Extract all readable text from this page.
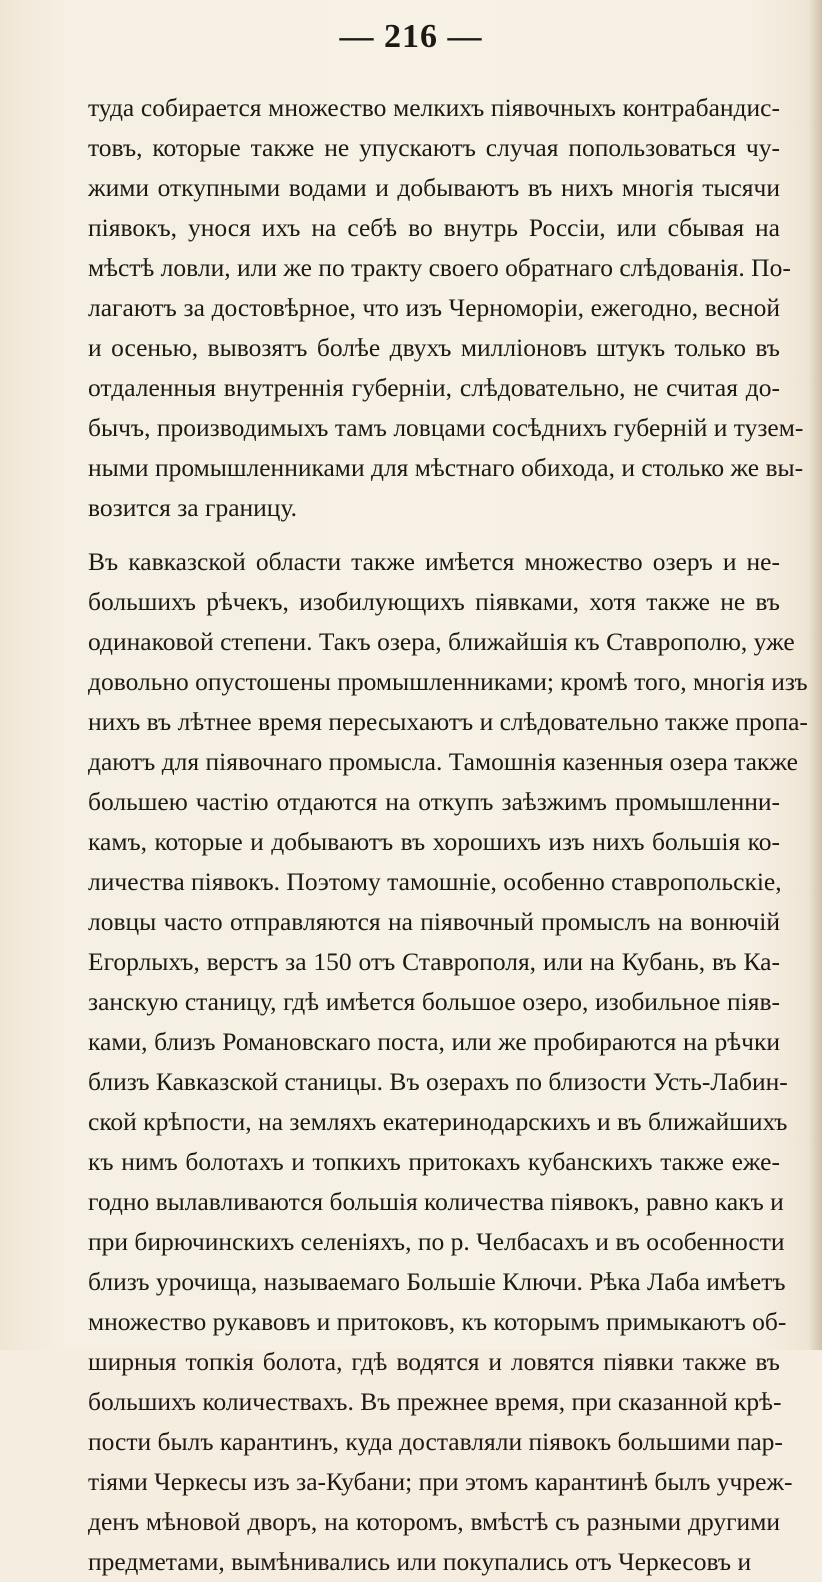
— 216 —
туда собирается множество мелкихъ піявочныхъ контрабандис-
товъ, которые также не упускаютъ случая попользоваться чу-
жими откупными водами и добываютъ въ нихъ многія тысячи
піявокъ, унося ихъ на себѣ во внутрь Россіи, или сбывая на
мѣстѣ ловли, или же по тракту своего обратнаго слѣдованія. По-
лагаютъ за достовѣрное, что изъ Черноморіи, ежегодно, весной
и осенью, вывозятъ болѣе двухъ милліоновъ штукъ только въ
отдаленныя внутреннія губерніи, слѣдовательно, не считая до-
бычъ, производимыхъ тамъ ловцами сосѣднихъ губерній и тузем-
ными промышленниками для мѣстнаго обихода, и столько же вы-
возится за границу.
Въ кавказской области также имѣется множество озеръ и не-
большихъ рѣчекъ, изобилующихъ піявками, хотя также не въ
одинаковой степени. Такъ озера, ближайшія къ Ставрополю, уже
довольно опустошены промышленниками; кромѣ того, многія изъ
нихъ въ лѣтнее время пересыхаютъ и слѣдовательно также пропа-
даютъ для піявочнаго промысла. Тамошнія казенныя озера также
большею частію отдаются на откупъ заѣзжимъ промышленни-
камъ, которые и добываютъ въ хорошихъ изъ нихъ большія ко-
личества піявокъ. Поэтому тамошніе, особенно ставропольскіе,
ловцы часто отправляются на піявочный промыслъ на вонючій
Егорлыхъ, верстъ за 150 отъ Ставрополя, или на Кубань, въ Ка-
занскую станицу, гдѣ имѣется большое озеро, изобильное піяв-
ками, близъ Романовскаго поста, или же пробираются на рѣчки
близъ Кавказской станицы. Въ озерахъ по близости Усть-Лабин-
ской крѣпости, на земляхъ екатеринодарскихъ и въ ближайшихъ
къ нимъ болотахъ и топкихъ притокахъ кубанскихъ также еже-
годно вылавливаются большія количества піявокъ, равно какъ и
при бирючинскихъ селеніяхъ, по р. Челбасахъ и въ особенности
близъ урочища, называемаго Большіе Ключи. Рѣка Лаба имѣетъ
множество рукавовъ и притоковъ, къ которымъ примыкаютъ об-
ширныя топкія болота, гдѣ водятся и ловятся піявки также въ
большихъ количествахъ. Въ прежнее время, при сказанной крѣ-
пости былъ карантинъ, куда доставляли піявокъ большими пар-
тіями Черкесы изъ за-Кубани; при этомъ карантинѣ былъ учреж-
денъ мѣновой дворъ, на которомъ, вмѣстѣ съ разными другими
предметами, вымѣнивались или покупались отъ Черкесовъ и
